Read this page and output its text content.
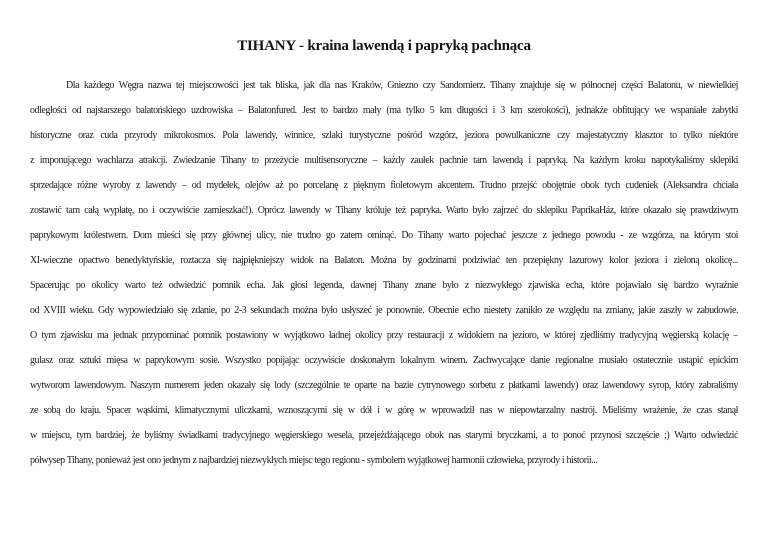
TIHANY - kraina lawendą i papryką pachnąca
Dla każdego Węgra nazwa tej miejscowości jest tak bliska, jak dla nas Kraków, Gniezno czy Sandomierz. Tihany znajduje się w północnej części Balatonu, w niewielkiej
odległości od najstarszego balatońskiego uzdrowiska – Balatonfured. Jest to bardzo mały (ma tylko 5 km długości i 3 km szerokości), jednakże obfitujący we wspaniałe zabytki
historyczne oraz cuda przyrody mikrokosmos. Pola lawendy, winnice, szlaki turystyczne pośród wzgórz, jeziora powulkaniczne czy majestatyczny klasztor to tylko niektóre
z imponującego wachlarza atrakcji. Zwiedzanie Tihany to przeżycie multisensoryczne – każdy zaułek pachnie tam lawendą i papryką. Na każdym kroku napotykaliśmy sklepiki
sprzedające różne wyroby z lawendy – od mydełek, olejów aż po porcelanę z pięknym fioletowym akcentem. Trudno przejść obojętnie obok tych cudeniek (Aleksandra chciała
zostawić tam całą wypłatę, no i oczywiście zamieszkać!). Oprócz lawendy w Tihany króluje też papryka. Warto było zajrzeć do sklepiku PaprikaHáz, które okazało się prawdziwym
paprykowym królestwem. Dom mieści się przy głównej ulicy, nie trudno go zatem ominąć. Do Tihany warto pojechać jeszcze z jednego powodu - ze wzgórza, na którym stoi
XI-wieczne opactwo benedyktyńskie, roztacza się najpiękniejszy widok na Balaton. Można by godzinami podziwiać ten przepiękny lazurowy kolor jeziora i zieloną okolicę...
Spacerując po okolicy warto też odwiedzić pomnik echa. Jak głosi legenda, dawnej Tihany znane było z niezwykłego zjawiska echa, które pojawiało się bardzo wyraźnie
od XVIII wieku. Gdy wypowiedziało się zdanie, po 2-3 sekundach można było usłyszeć je ponownie. Obecnie echo niestety zanikło ze względu na zmiany, jakie zaszły w zabudowie.
O tym zjawisku ma jednak przypominać pomnik postawiony w wyjątkowo ładnej okolicy przy restauracji z widokiem na jezioro, w której zjedliśmy tradycyjną węgierską kolację –
gulasz oraz sztuki mięsa w paprykowym sosie. Wszystko popijając oczywiście doskonałym lokalnym winem. Zachwycające danie regionalne musiało ostatecznie ustąpić epickim
wytworom lawendowym. Naszym numerem jeden okazały się lody (szczególnie te oparte na bazie cytrynowego sorbetu z płatkami lawendy) oraz lawendowy syrop, który zabraliśmy
ze sobą do kraju. Spacer wąskimi, klimatycznymi uliczkami, wznoszącymi się w dół i w górę w wprowadził nas w niepowtarzalny nastrój. Mieliśmy wrażenie, że czas stanął
w miejscu, tym bardziej, że byliśmy świadkami tradycyjnego węgierskiego wesela, przejeżdżającego obok nas starymi bryczkami, a to ponoć przynosi szczęście ;) Warto odwiedzić
półwysep Tihany, ponieważ jest ono jednym z najbardziej niezwykłych miejsc tego regionu - symbolem wyjątkowej harmonii człowieka, przyrody i historii...
